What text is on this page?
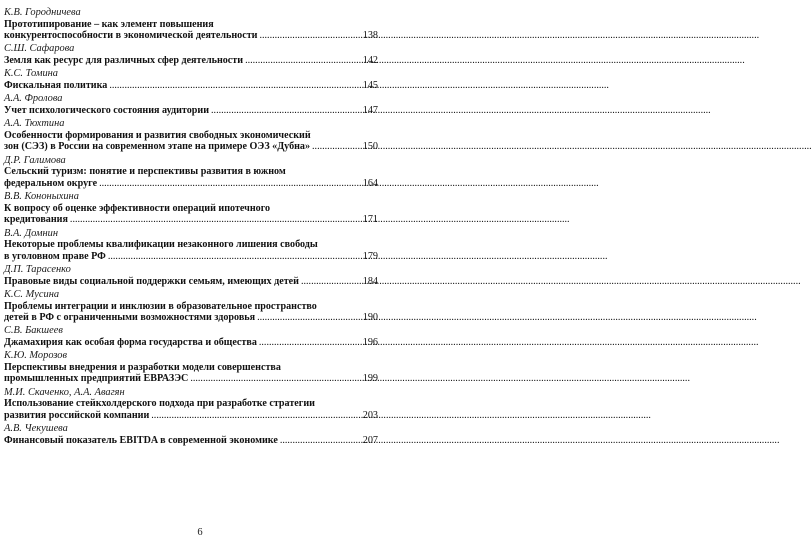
К.В. Городничева
Прототипирование – как элемент повышения
конкурентоспособности в экономической деятельности .....	138
С.Ш. Сафарова
Земля как ресурс для различных сфер деятельности .....	142
К.С. Томина
Фискальная политика .....	145
А.А. Фролова
Учет психологического состояния аудитории .....	147
А.А. Тюхтина
Особенности формирования и развития свободных экономический
зон (СЭЗ) в России на современном этапе на примере ОЭЗ «Дубна» .....	150
Д.Р. Галимова
Сельский туризм: понятие и перспективы развития в южном
федеральном округе .....	164
В.В. Кононыхина
К вопросу об оценке эффективности операций ипотечного
кредитования .....	171
В.А. Домнин
Некоторые проблемы квалификации незаконного лишения свободы
в уголовном праве РФ .....	179
Д.П. Тарасенко
Правовые виды социальной поддержки семьям, имеющих детей .....	184
К.С. Мусина
Проблемы интеграции и инклюзии в образовательное пространство
детей в РФ с ограниченными возможностями здоровья .....	190
С.В. Бакшеев
Джамахирия как особая форма государства и общества .....	196
К.Ю. Морозов
Перспективы внедрения и разработки модели совершенства
промышленных предприятий ЕВРАЗЭС .....	199
М.И. Скаченко, А.А. Авагян
Использование стейкхолдерского подхода при разработке стратегии
развития российской компании .....	203
А.В. Чекушева
Финансовый показатель EBITDA в современной экономике .....	207
6
